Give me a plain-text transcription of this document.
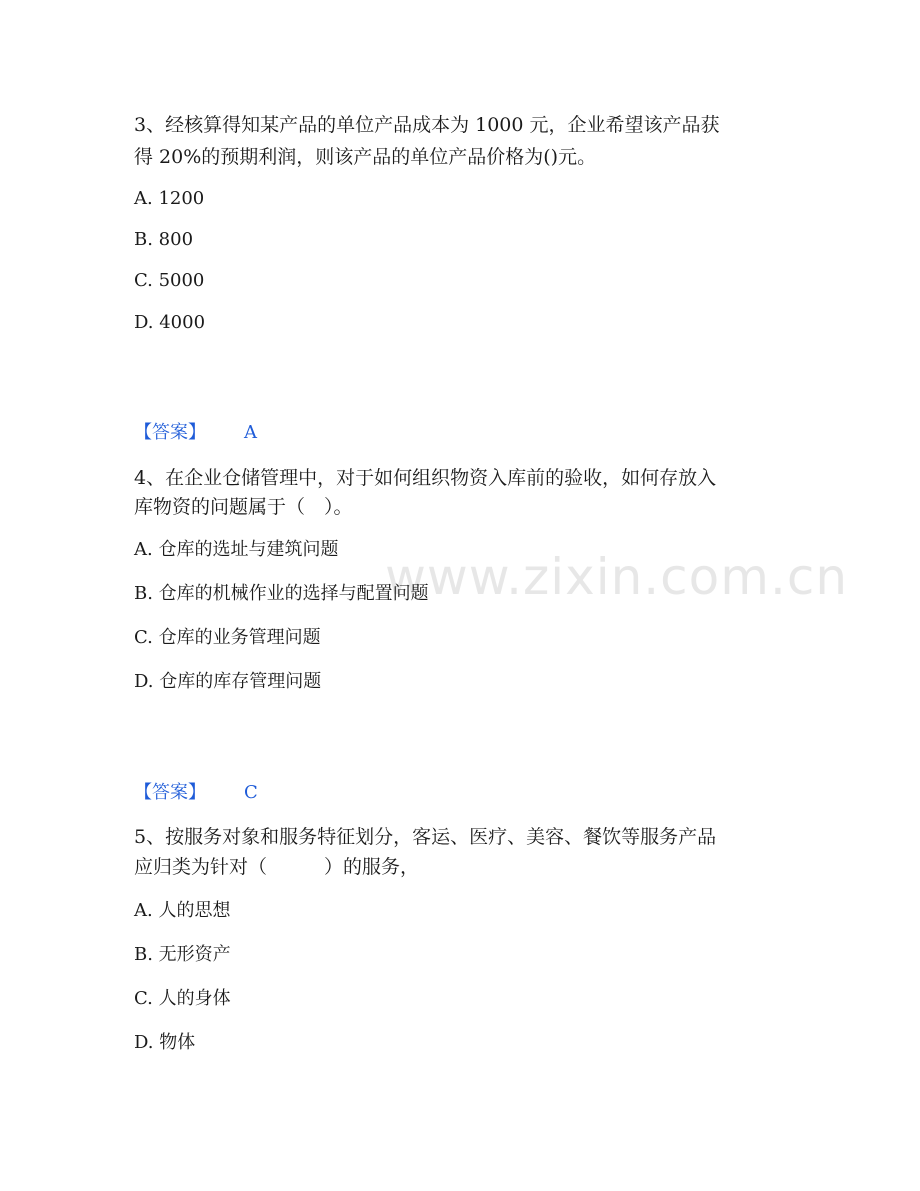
www.zixin.com.cn
3、经核算得知某产品的单位产品成本为 1000 元，企业希望该产品获
得 20%的预期利润，则该产品的单位产品价格为()元。
A. 1200
B. 800
C. 5000
D. 4000
【答案】 A
4、在企业仓储管理中，对于如何组织物资入库前的验收，如何存放入
库物资的问题属于（　）。
A. 仓库的选址与建筑问题
B. 仓库的机械作业的选择与配置问题
C. 仓库的业务管理问题
D. 仓库的库存管理问题
【答案】 C
5、按服务对象和服务特征划分，客运、医疗、美容、餐饮等服务产品
应归类为针对（　　　）的服务，
A. 人的思想
B. 无形资产
C. 人的身体
D. 物体
